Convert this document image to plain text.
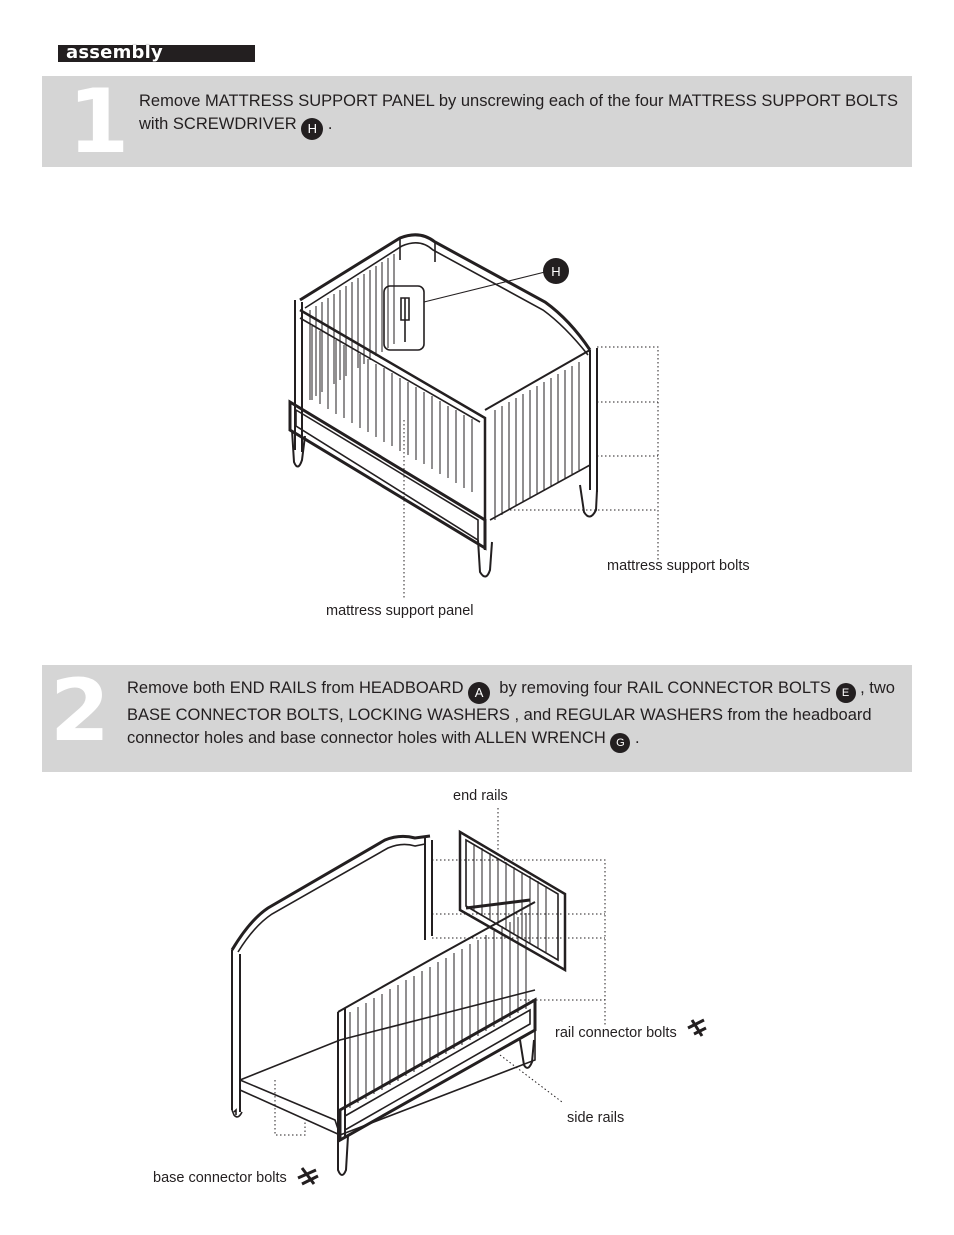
assembly
1 Remove MATTRESS SUPPORT PANEL by unscrewing each of the four MATTRESS SUPPORT BOLTS with SCREWDRIVER H .
H
mattress support bolts
mattress support panel
2 Remove both END RAILS from HEADBOARD A  by removing four RAIL CONNECTOR BOLTS E , two BASE CONNECTOR BOLTS, LOCKING WASHERS , and REGULAR WASHERS from the headboard connector holes and base connector holes with ALLEN WRENCH G .
end rails
rail connector bolts
side rails
base connector bolts
